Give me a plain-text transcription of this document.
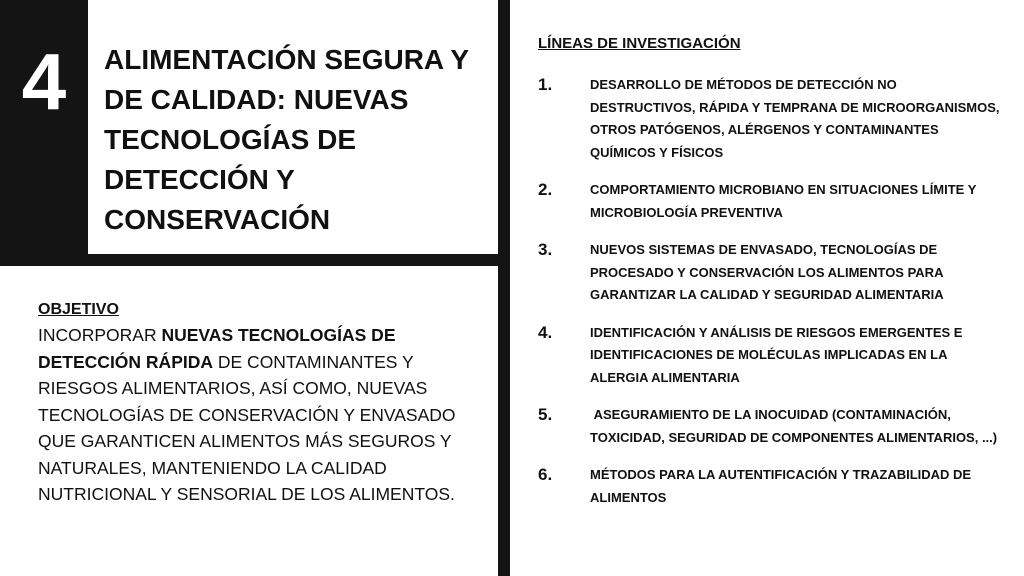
4 ALIMENTACIÓN SEGURA Y DE CALIDAD: NUEVAS TECNOLOGÍAS DE DETECCIÓN Y CONSERVACIÓN
OBJETIVO
INCORPORAR NUEVAS TECNOLOGÍAS DE DETECCIÓN RÁPIDA DE CONTAMINANTES Y RIESGOS ALIMENTARIOS, ASÍ COMO, NUEVAS TECNOLOGÍAS DE CONSERVACIÓN Y ENVASADO QUE GARANTICEN ALIMENTOS MÁS SEGUROS Y NATURALES, MANTENIENDO LA CALIDAD NUTRICIONAL Y SENSORIAL DE LOS ALIMENTOS.
LÍNEAS DE INVESTIGACIÓN
1.	DESARROLLO DE MÉTODOS DE DETECCIÓN NO DESTRUCTIVOS, RÁPIDA Y TEMPRANA DE MICROORGANISMOS, OTROS PATÓGENOS, ALÉRGENOS Y CONTAMINANTES QUÍMICOS Y FÍSICOS
2.	COMPORTAMIENTO MICROBIANO EN SITUACIONES LÍMITE Y MICROBIOLOGÍA PREVENTIVA
3.	NUEVOS SISTEMAS DE ENVASADO, TECNOLOGÍAS DE PROCESADO Y CONSERVACIÓN LOS ALIMENTOS PARA GARANTIZAR LA CALIDAD Y SEGURIDAD ALIMENTARIA
4.	IDENTIFICACIÓN Y ANÁLISIS DE RIESGOS EMERGENTES E IDENTIFICACIONES DE MOLÉCULAS IMPLICADAS EN LA ALERGIA ALIMENTARIA
5.	ASEGURAMIENTO DE LA INOCUIDAD (CONTAMINACIÓN, TOXICIDAD, SEGURIDAD DE COMPONENTES ALIMENTARIOS, ...)
6.	MÉTODOS PARA LA AUTENTIFICACIÓN Y TRAZABILIDAD DE ALIMENTOS
